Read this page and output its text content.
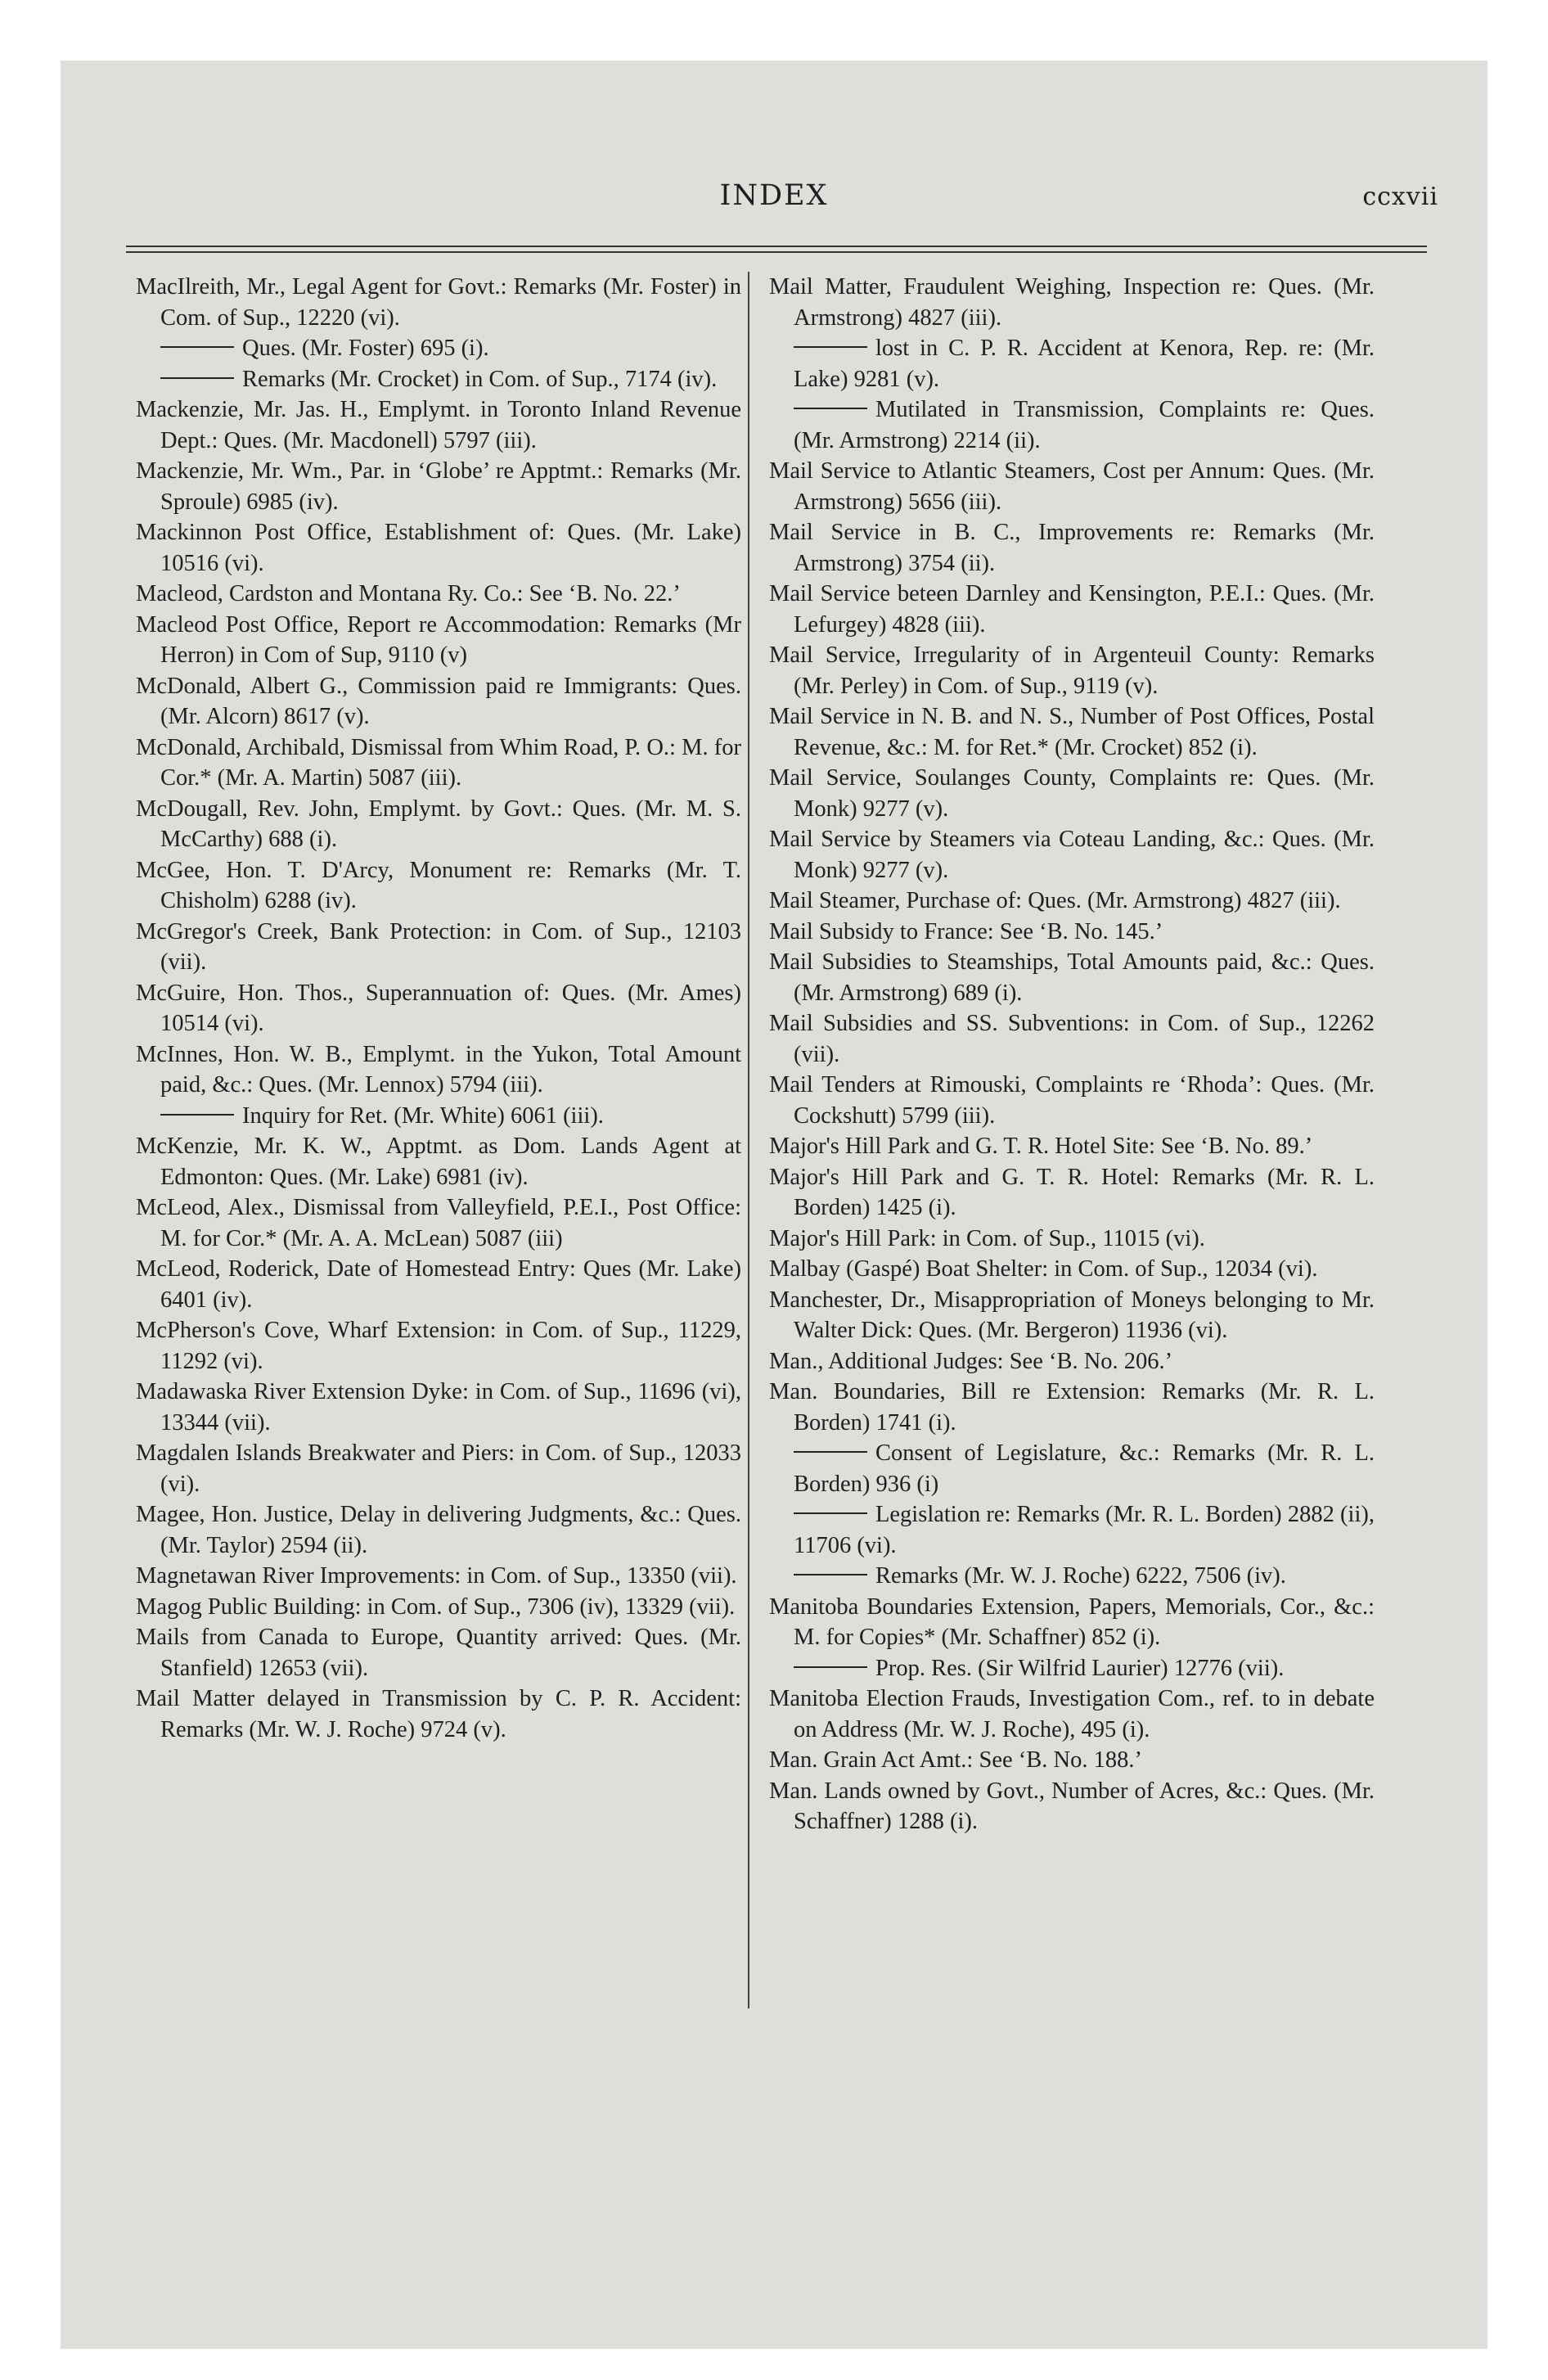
INDEX	ccxvii

MacIlreith, Mr., Legal Agent for Govt.: Remarks (Mr. Foster) in Com. of Sup., 12220 (vi).

Ques. (Mr. Foster) 695 (i).

Remarks (Mr. Crocket) in Com. of Sup., 7174 (iv).

Mackenzie, Mr. Jas. H., Emplymt. in Toronto Inland Revenue Dept.: Ques. (Mr. Macdonell) 5797 (iii).

Mackenzie, Mr. Wm., Par. in ‘Globe’ re Apptmt.: Remarks (Mr. Sproule) 6985 (iv).

Mackinnon Post Office, Establishment of: Ques. (Mr. Lake) 10516 (vi).

Macleod, Cardston and Montana Ry. Co.: See ‘B. No. 22.’

Macleod Post Office, Report re Accommodation: Remarks (Mr Herron) in Com of Sup, 9110 (v)

McDonald, Albert G., Commission paid re Immigrants: Ques. (Mr. Alcorn) 8617 (v).

McDonald, Archibald, Dismissal from Whim Road, P. O.: M. for Cor.* (Mr. A. Martin) 5087 (iii).

McDougall, Rev. John, Emplymt. by Govt.: Ques. (Mr. M. S. McCarthy) 688 (i).

McGee, Hon. T. D'Arcy, Monument re: Remarks (Mr. T. Chisholm) 6288 (iv).

McGregor's Creek, Bank Protection: in Com. of Sup., 12103 (vii).

McGuire, Hon. Thos., Superannuation of: Ques. (Mr. Ames) 10514 (vi).

McInnes, Hon. W. B., Emplymt. in the Yukon, Total Amount paid, &c.: Ques. (Mr. Lennox) 5794 (iii).

Inquiry for Ret. (Mr. White) 6061 (iii).

McKenzie, Mr. K. W., Apptmt. as Dom. Lands Agent at Edmonton: Ques. (Mr. Lake) 6981 (iv).

McLeod, Alex., Dismissal from Valleyfield, P.E.I., Post Office: M. for Cor.* (Mr. A. A. McLean) 5087 (iii)

McLeod, Roderick, Date of Homestead Entry: Ques (Mr. Lake) 6401 (iv).

McPherson's Cove, Wharf Extension: in Com. of Sup., 11229, 11292 (vi).

Madawaska River Extension Dyke: in Com. of Sup., 11696 (vi), 13344 (vii).

Magdalen Islands Breakwater and Piers: in Com. of Sup., 12033 (vi).

Magee, Hon. Justice, Delay in delivering Judgments, &c.: Ques. (Mr. Taylor) 2594 (ii).

Magnetawan River Improvements: in Com. of Sup., 13350 (vii).

Magog Public Building: in Com. of Sup., 7306 (iv), 13329 (vii).

Mails from Canada to Europe, Quantity arrived: Ques. (Mr. Stanfield) 12653 (vii).

Mail Matter delayed in Transmission by C. P. R. Accident: Remarks (Mr. W. J. Roche) 9724 (v).

Mail Matter, Fraudulent Weighing, Inspection re: Ques. (Mr. Armstrong) 4827 (iii).

lost in C. P. R. Accident at Kenora, Rep. re: (Mr. Lake) 9281 (v).

Mutilated in Transmission, Complaints re: Ques. (Mr. Armstrong) 2214 (ii).

Mail Service to Atlantic Steamers, Cost per Annum: Ques. (Mr. Armstrong) 5656 (iii).

Mail Service in B. C., Improvements re: Remarks (Mr. Armstrong) 3754 (ii).

Mail Service beteen Darnley and Kensington, P.E.I.: Ques. (Mr. Lefurgey) 4828 (iii).

Mail Service, Irregularity of in Argenteuil County: Remarks (Mr. Perley) in Com. of Sup., 9119 (v).

Mail Service in N. B. and N. S., Number of Post Offices, Postal Revenue, &c.: M. for Ret.* (Mr. Crocket) 852 (i).

Mail Service, Soulanges County, Complaints re: Ques. (Mr. Monk) 9277 (v).

Mail Service by Steamers via Coteau Landing, &c.: Ques. (Mr. Monk) 9277 (v).

Mail Steamer, Purchase of: Ques. (Mr. Armstrong) 4827 (iii).

Mail Subsidy to France: See ‘B. No. 145.’

Mail Subsidies to Steamships, Total Amounts paid, &c.: Ques. (Mr. Armstrong) 689 (i).

Mail Subsidies and SS. Subventions: in Com. of Sup., 12262 (vii).

Mail Tenders at Rimouski, Complaints re ‘Rhoda’: Ques. (Mr. Cockshutt) 5799 (iii).

Major's Hill Park and G. T. R. Hotel Site: See ‘B. No. 89.’

Major's Hill Park and G. T. R. Hotel: Remarks (Mr. R. L. Borden) 1425 (i).

Major's Hill Park: in Com. of Sup., 11015 (vi).

Malbay (Gaspé) Boat Shelter: in Com. of Sup., 12034 (vi).

Manchester, Dr., Misappropriation of Moneys belonging to Mr. Walter Dick: Ques. (Mr. Bergeron) 11936 (vi).

Man., Additional Judges: See ‘B. No. 206.’

Man. Boundaries, Bill re Extension: Remarks (Mr. R. L. Borden) 1741 (i).

Consent of Legislature, &c.: Remarks (Mr. R. L. Borden) 936 (i)

Legislation re: Remarks (Mr. R. L. Borden) 2882 (ii), 11706 (vi).

Remarks (Mr. W. J. Roche) 6222, 7506 (iv).

Manitoba Boundaries Extension, Papers, Memorials, Cor., &c.: M. for Copies* (Mr. Schaffner) 852 (i).

Prop. Res. (Sir Wilfrid Laurier) 12776 (vii).

Manitoba Election Frauds, Investigation Com., ref. to in debate on Address (Mr. W. J. Roche), 495 (i).

Man. Grain Act Amt.: See ‘B. No. 188.’

Man. Lands owned by Govt., Number of Acres, &c.: Ques. (Mr. Schaffner) 1288 (i).
